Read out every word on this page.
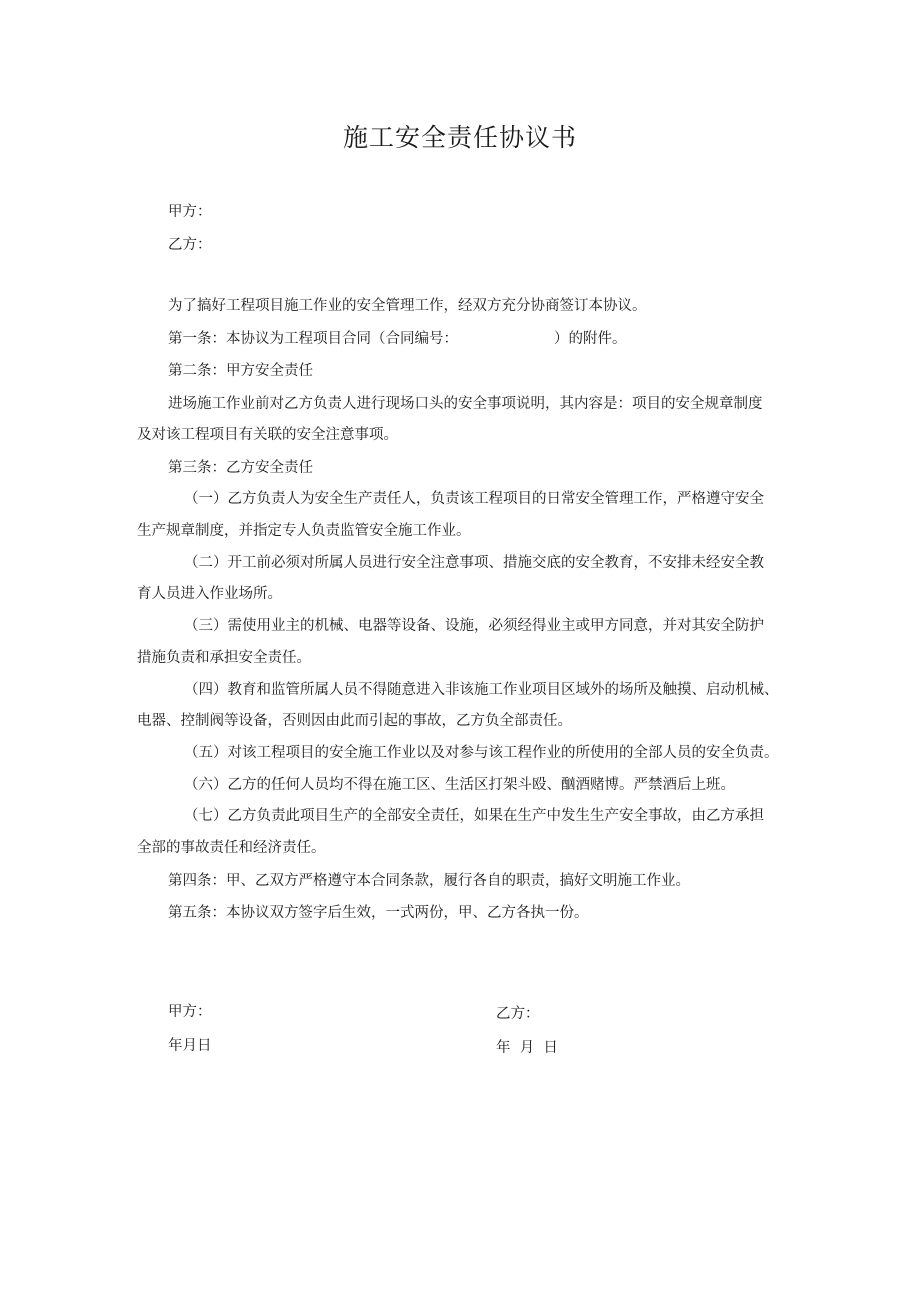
施工安全责任协议书
甲方：
乙方：
为了搞好工程项目施工作业的安全管理工作，经双方充分协商签订本协议。
第一条：本协议为工程项目合同（合同编号：	）的附件。
第二条：甲方安全责任
进场施工作业前对乙方负责人进行现场口头的安全事项说明，其内容是：项目的安全规章制度
及对该工程项目有关联的安全注意事项。
第三条：乙方安全责任
（一）乙方负责人为安全生产责任人，负责该工程项目的日常安全管理工作，严格遵守安全
生产规章制度，并指定专人负责监管安全施工作业。
（二）开工前必须对所属人员进行安全注意事项、措施交底的安全教育，不安排未经安全教
育人员进入作业场所。
（三）需使用业主的机械、电器等设备、设施，必须经得业主或甲方同意，并对其安全防护
措施负责和承担安全责任。
（四）教育和监管所属人员不得随意进入非该施工作业项目区域外的场所及触摸、启动机械、
电器、控制阀等设备，否则因由此而引起的事故，乙方负全部责任。
（五）对该工程项目的安全施工作业以及对参与该工程作业的所使用的全部人员的安全负责。
（六）乙方的任何人员均不得在施工区、生活区打架斗殴、酗酒赌博。严禁酒后上班。
（七）乙方负责此项目生产的全部安全责任，如果在生产中发生生产安全事故，由乙方承担
全部的事故责任和经济责任。
第四条：甲、乙双方严格遵守本合同条款，履行各自的职责，搞好文明施工作业。
第五条：本协议双方签字后生效，一式两份，甲、乙方各执一份。
甲方：	乙方：
年月日	年  月  日
